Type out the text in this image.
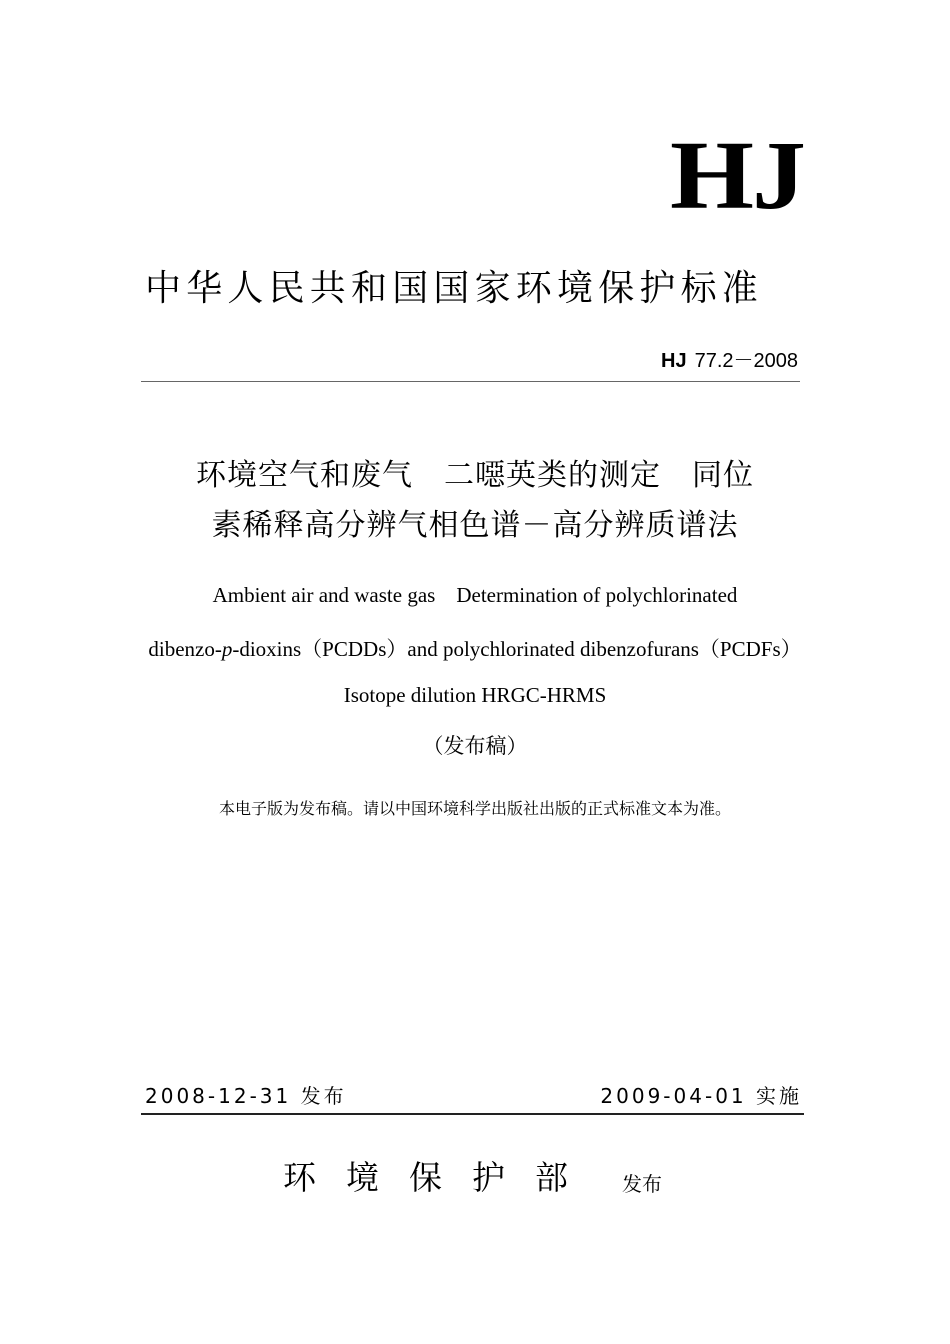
HJ
中华人民共和国国家环境保护标准
HJ 77.2－2008
环境空气和废气　二噁英类的测定　同位
素稀释高分辨气相色谱－高分辨质谱法
Ambient air and waste gas    Determination of polychlorinated
dibenzo-p-dioxins（PCDDs）and polychlorinated dibenzofurans（PCDFs）
Isotope dilution HRGC-HRMS
（发布稿）
本电子版为发布稿。请以中国环境科学出版社出版的正式标准文本为准。
2008-12-31 发布	2009-04-01 实施
环境保护部 发布
